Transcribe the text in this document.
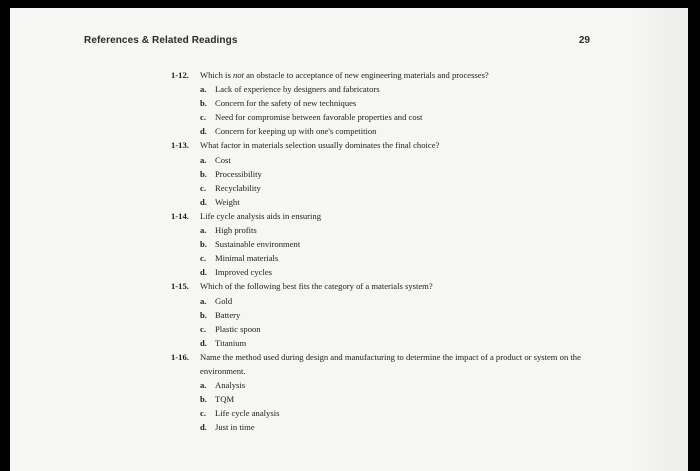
References & Related Readings	29
1-12.	Which is not an obstacle to acceptance of new engineering materials and processes?
a. Lack of experience by designers and fabricators
b. Concern for the safety of new techniques
c.	Need for compromise between favorable properties and cost
d. Concern for keeping up with one's competition
1-13.	What factor in materials selection usually dominates the final choice?
a. Cost
b. Processibility
c.	Recyclability
d. Weight
1-14.	Life cycle analysis aids in ensuring
a. High profits
b. Sustainable environment
c.	Minimal materials
d. Improved cycles
1-15.	Which of the following best fits the category of a materials system?
a. Gold
b. Battery
c.	Plastic spoon
d. Titanium
1-16.	Name the method used during design and manufacturing to determine the impact of a product or system on the environment.
a. Analysis
b. TQM
c.	Life cycle analysis
d. Just in time
